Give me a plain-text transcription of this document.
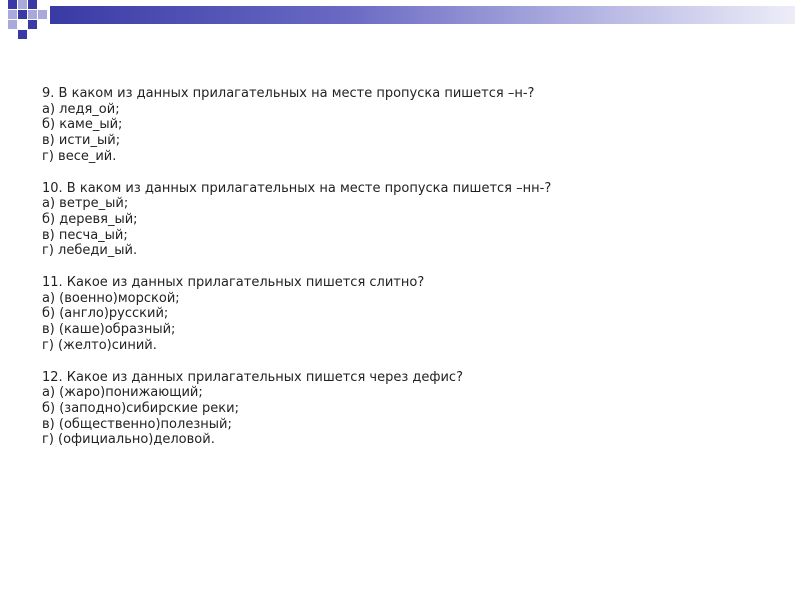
9. В каком из данных прилагательных на месте пропуска пишется –н-?

а) ледя_ой;

б) каме_ый;

в) исти_ый;

г) весе_ий.

10. В каком из данных прилагательных на месте пропуска пишется –нн-?

а) ветре_ый;

б) деревя_ый;

в) песча_ый;

г) лебеди_ый.

11. Какое из данных прилагательных пишется слитно?

а) (военно)морской;

б) (англо)русский;

в) (каше)образный;

г) (желто)синий.

12. Какое из данных прилагательных пишется через дефис?

а) (жаро)понижающий;

б) (заподно)сибирские реки;

в) (общественно)полезный;

г) (официально)деловой.
